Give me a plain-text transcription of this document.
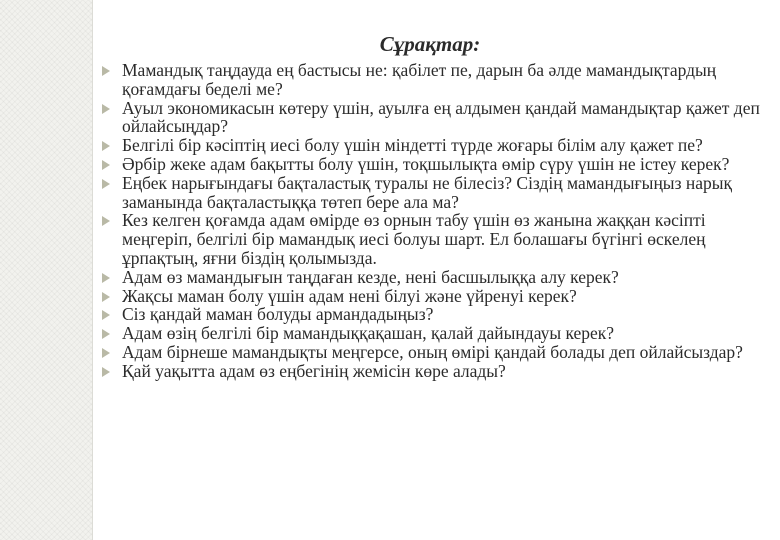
Сұрақтар:
Мамандық таңдауда ең бастысы не: қабілет пе, дарын ба әлде мамандықтардың қоғамдағы беделі ме?
Ауыл экономикасын көтеру үшін, ауылға ең алдымен қандай мамандықтар қажет деп ойлайсыңдар?
Белгілі бір кәсіптің иесі болу үшін міндетті түрде жоғары білім алу қажет пе?
Әрбір жеке адам бақытты болу үшін, тоқшылықта өмір сүру үшін не істеу керек?
Еңбек нарығындағы бақталастық туралы не білесіз? Сіздің мамандығыңыз нарық заманында бақталастыққа төтеп бере ала ма?
Кез келген қоғамда адам өмірде өз орнын табу үшін өз жанына жаққан кәсіпті меңгеріп, белгілі бір мамандық иесі болуы шарт. Ел болашағы бүгінгі өскелең ұрпақтың, яғни біздің қолымызда.
Адам өз мамандығын таңдаған кезде, нені басшылыққа алу керек?
Жақсы маман болу үшін адам нені білуі және үйренуі керек?
Сіз қандай маман болуды армандадыңыз?
Адам өзің белгілі бір мамандыққақашан, қалай дайындауы керек?
Адам бірнеше мамандықты меңгерсе, оның өмірі қандай болады деп ойлайсыздар?
Қай уақытта адам өз еңбегінің жемісін көре алады?
